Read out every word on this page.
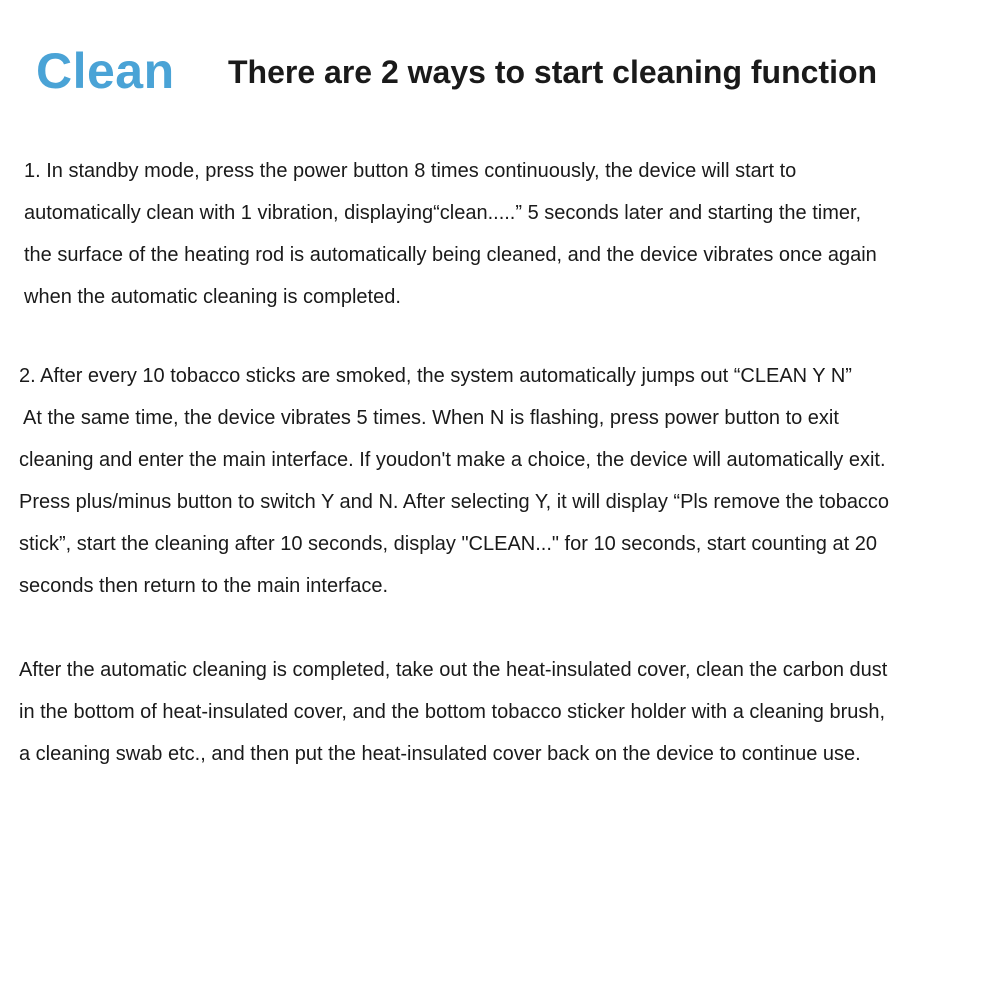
Clean There are 2 ways to start cleaning function
1. In standby mode, press the power button 8 times continuously, the device will start to
automatically clean with 1 vibration, displaying“clean.....” 5 seconds later and starting the timer,
the surface of the heating rod is automatically being cleaned, and the device vibrates once again
when the automatic cleaning is completed.
2. After every 10 tobacco sticks are smoked, the system automatically jumps out “CLEAN Y N”
At the same time, the device vibrates 5 times. When N is flashing, press power button to exit
cleaning and enter the main interface. If youdon't make a choice, the device will automatically exit.
Press plus/minus button to switch Y and N. After selecting Y, it will display “Pls remove the tobacco
stick”, start the cleaning after 10 seconds, display "CLEAN..." for 10 seconds, start counting at 20
seconds then return to the main interface.
After the automatic cleaning is completed, take out the heat-insulated cover, clean the carbon dust
in the bottom of heat-insulated cover, and the bottom tobacco sticker holder with a cleaning brush,
a cleaning swab etc., and then put the heat-insulated cover back on the device to continue use.
